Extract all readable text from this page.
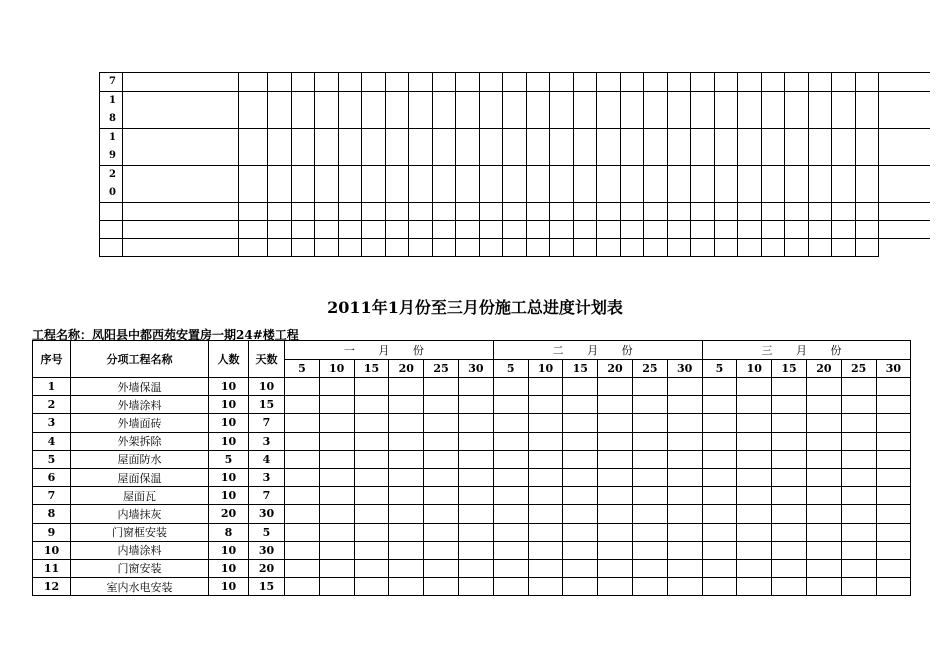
7																													

1
8																													

1
9																													

2
0																													

2011年1月份至三月份施工总进度计划表
工程名称：凤阳县中都西苑安置房一期24#楼工程
序号	分项工程名称	人数	天数	一 月 份						二 月 份						三 月 份					
				5	10	15	20	25	30	5	10	15	20	25	30	5	10	15	20	25	30
1	外墙保温	10	10																		
2	外墙涂料	10	15																		
3	外墙面砖	10	7																		
4	外架拆除	10	3																		
5	屋面防水	5	4																		
6	屋面保温	10	3																		
7	屋面瓦	10	7																		
8	内墙抹灰	20	30																		
9	门窗框安装	8	5																		
10	内墙涂料	10	30																		
11	门窗安装	10	20																		
12	室内水电安装	10	15																		
